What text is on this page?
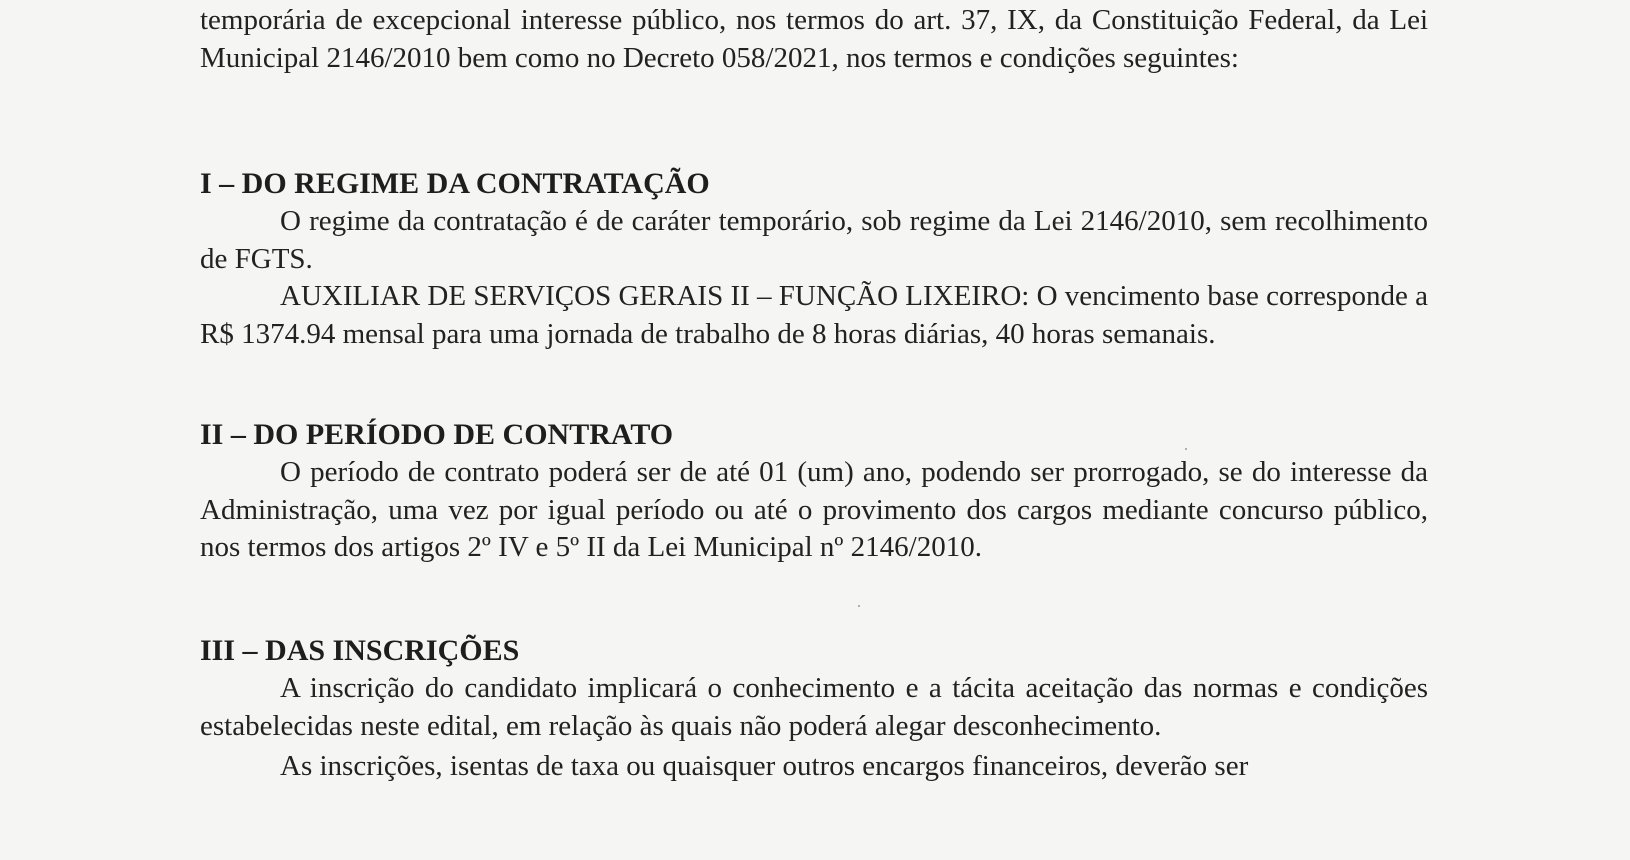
temporária de excepcional interesse público, nos termos do art. 37, IX, da Constituição Federal, da Lei Municipal 2146/2010 bem como no Decreto 058/2021, nos termos e condições seguintes:

I – DO REGIME DA CONTRATAÇÃO

O regime da contratação é de caráter temporário, sob regime da Lei 2146/2010, sem recolhimento de FGTS.

AUXILIAR DE SERVIÇOS GERAIS II – FUNÇÃO LIXEIRO: O vencimento base corresponde a R$ 1374.94 mensal para uma jornada de trabalho de 8 horas diárias, 40 horas semanais.

II – DO PERÍODO DE CONTRATO

O período de contrato poderá ser de até 01 (um) ano, podendo ser prorrogado, se do interesse da Administração, uma vez por igual período ou até o provimento dos cargos mediante concurso público, nos termos dos artigos 2º IV e 5º II da Lei Municipal nº 2146/2010.

III – DAS INSCRIÇÕES

A inscrição do candidato implicará o conhecimento e a tácita aceitação das normas e condições estabelecidas neste edital, em relação às quais não poderá alegar desconhecimento.

As inscrições, isentas de taxa ou quaisquer outros encargos financeiros, deverão ser
